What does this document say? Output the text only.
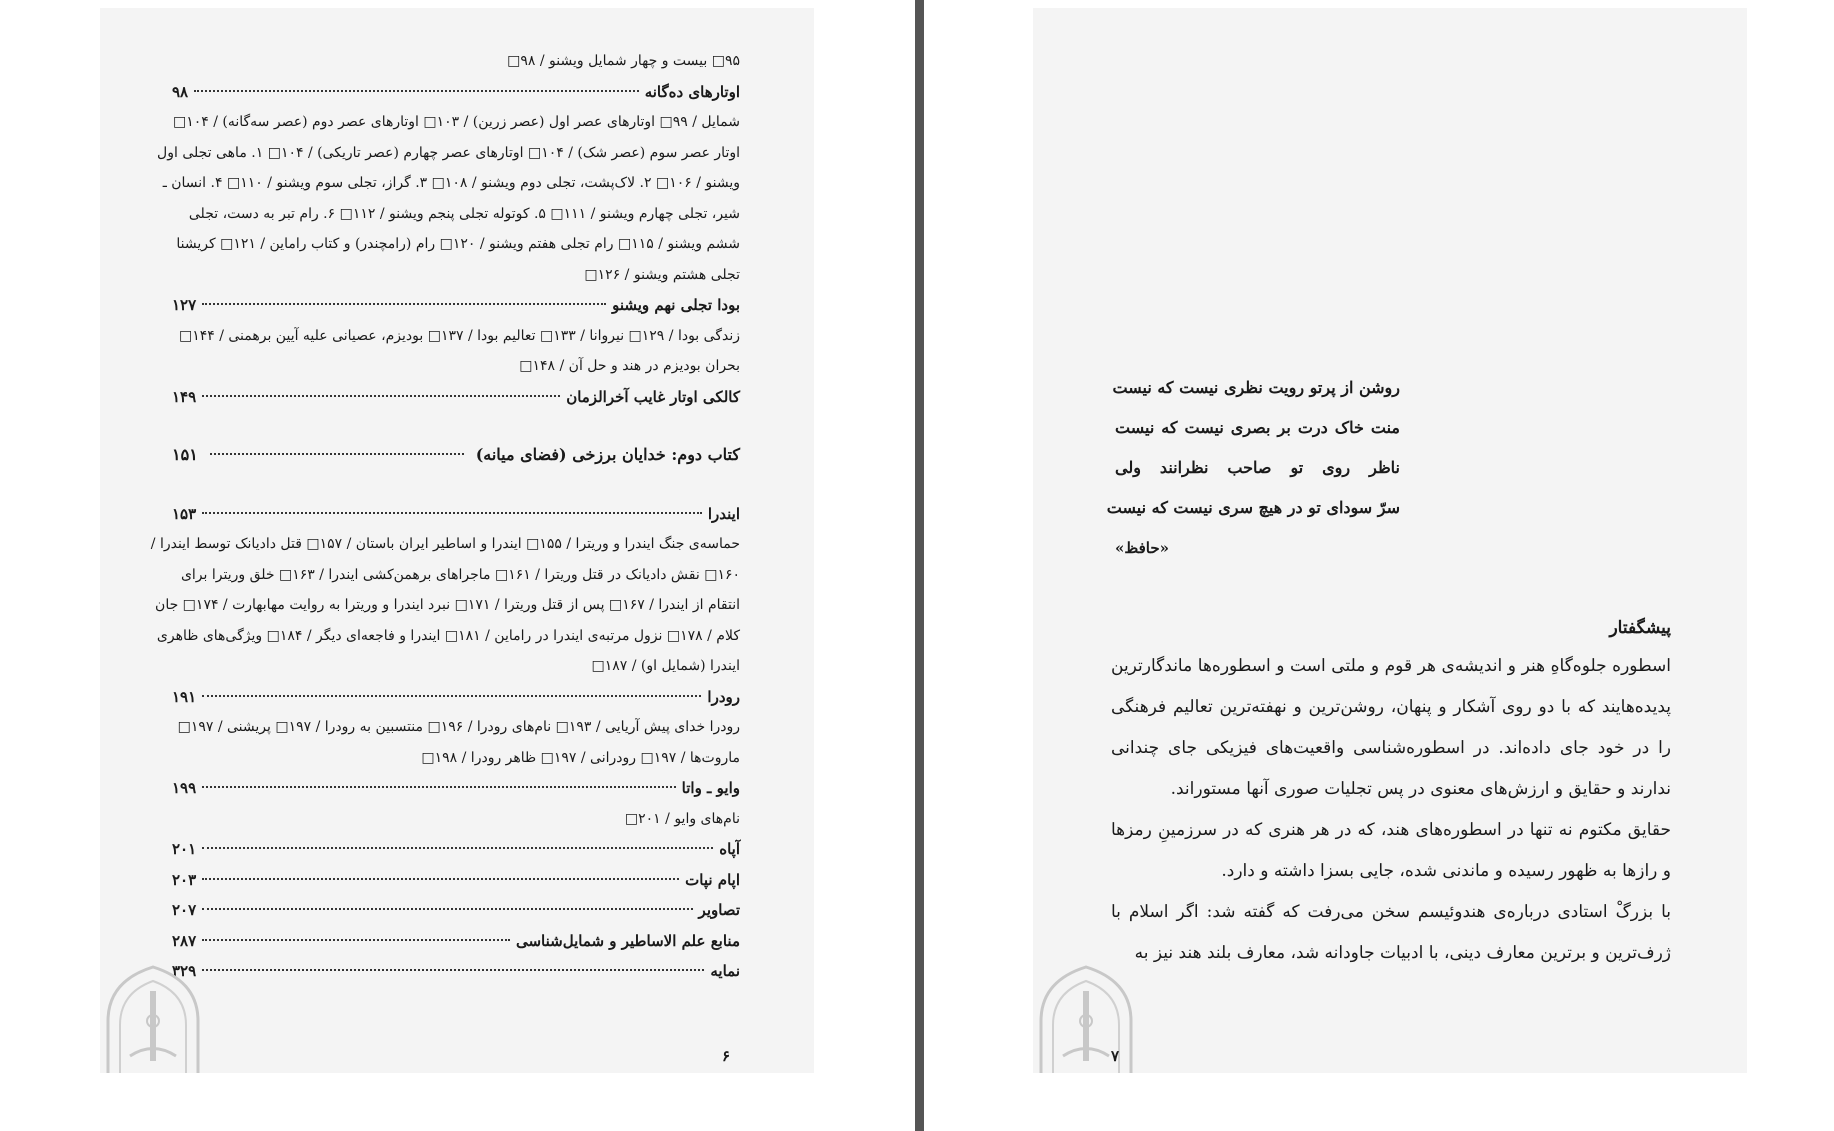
۹۵□ بیست و چهار شمایل ویشنو / ۹۸□
اوتارهای ده‌گانه
۹۸
شمایل / ۹۹□ اوتارهای عصر اول (عصر زرین) / ۱۰۳□ اوتارهای عصر دوم (عصر سه‌گانه) / ۱۰۴□
اوتار عصر سوم (عصر شک) / ۱۰۴□ اوتارهای عصر چهارم (عصر تاریکی) / ۱۰۴□ ۱. ماهی تجلی اول
ویشنو / ۱۰۶□ ۲. لاک‌پشت، تجلی دوم ویشنو / ۱۰۸□ ۳. گراز، تجلی سوم ویشنو / ۱۱۰□ ۴. انسان ـ
شیر، تجلی چهارم ویشنو / ۱۱۱□ ۵. کوتوله تجلی پنجم ویشنو / ۱۱۲□ ۶. رام تبر به دست، تجلی
ششم ویشنو / ۱۱۵□ رام تجلی هفتم ویشنو / ۱۲۰□ رام (رامچندر) و کتاب راماین / ۱۲۱□ کریشنا
تجلی هشتم ویشنو / ۱۲۶□
بودا تجلی نهم ویشنو
۱۲۷
زندگی بودا / ۱۲۹□ نیروانا / ۱۳۳□ تعالیم بودا / ۱۳۷□ بودیزم، عصیانی علیه آیین برهمنی / ۱۴۴□
بحران بودیزم در هند و حل آن / ۱۴۸□
کالکی اوتار غایب آخرالزمان
۱۴۹
کتاب دوم: خدایان برزخی (فضای میانه)
۱۵۱
ایندرا
۱۵۳
حماسه‌ی جنگ ایندرا و وریترا / ۱۵۵□ ایندرا و اساطیر ایران باستان / ۱۵۷□ قتل دادیانک توسط ایندرا /
۱۶۰□ نقش دادیانک در قتل وریترا / ۱۶۱□ ماجراهای برهمن‌کشی ایندرا / ۱۶۳□ خلق وریترا برای
انتقام از ایندرا / ۱۶۷□ پس از قتل وریترا / ۱۷۱□ نبرد ایندرا و وریترا به روایت مهابهارت / ۱۷۴□ جان
کلام / ۱۷۸□ نزول مرتبه‌ی ایندرا در راماین / ۱۸۱□ ایندرا و فاجعه‌ای دیگر / ۱۸۴□ ویژگی‌های ظاهری
ایندرا (شمایل او) / ۱۸۷□
رودرا
۱۹۱
رودرا خدای پیش آریایی / ۱۹۳□ نام‌های رودرا / ۱۹۶□ منتسبین به رودرا / ۱۹۷□ پریشنی / ۱۹۷□
ماروت‌ها / ۱۹۷□ رودرانی / ۱۹۷□ ظاهر رودرا / ۱۹۸□
وایو ـ واتا
۱۹۹
نام‌های وایو / ۲۰۱□
آپاه
۲۰۱
اپام نپات
۲۰۳
تصاویر
۲۰۷
منابع علم الاساطیر و شمایل‌شناسی
۲۸۷
نمایه
۳۲۹
۶
روشن از پرتو رویت نظری نیست که نیست
منت خاک درت بر بصری نیست که نیست
ناظر روی تو صاحب نظرانند ولی
سرّ سودای تو در هیچ سری نیست که نیست
«حافظ»
پیشگفتار

اسطوره جلوه‌گاهِ هنر و اندیشه‌ی هر قوم و ملتی است و اسطوره‌ها ماندگارترین پدیده‌هایند که با دو روی آشکار و پنهان، روشن‌ترین و نهفته‌ترین تعالیم فرهنگی را در خود جای داده‌اند. در اسطوره‌شناسی واقعیت‌های فیزیکی جای چندانی ندارند و حقایق و ارزش‌های معنوی در پس تجلیات صوری آنها مستوراند.

حقایق مکتوم نه تنها در اسطوره‌های هند، که در هر هنری که در سرزمینِ رمزها و رازها به ظهور رسیده و ماندنی شده، جایی بسزا داشته و دارد.

با بزرگْ استادی درباره‌ی هندوئیسم سخن می‌رفت که گفته شد: اگر اسلام با ژرف‌ترین و برترین معارف دینی، با ادبیات جاودانه شد، معارف بلند هند نیز به

۷
